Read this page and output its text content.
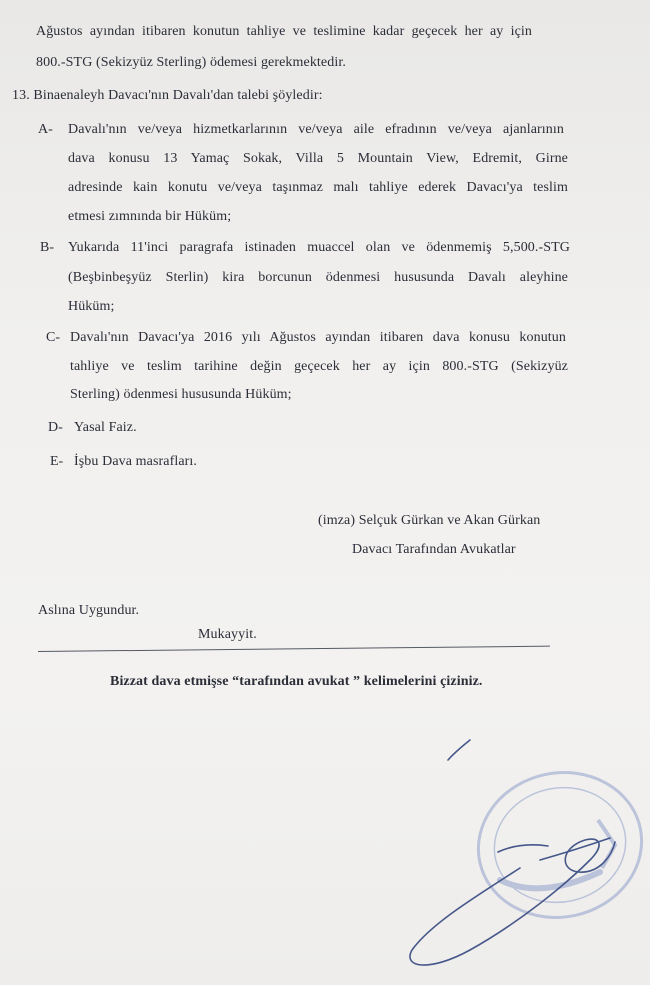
Ağustos ayından itibaren konutun tahliye ve teslimine kadar geçecek her ay için
800.-STG (Sekizyüz Sterling) ödemesi gerekmektedir.
13. Binaenaleyh Davacı'nın Davalı'dan talebi şöyledir:
A- Davalı'nın ve/veya hizmetkarlarının ve/veya aile efradının ve/veya ajanlarının
dava konusu 13 Yamaç Sokak, Villa 5 Mountain View, Edremit, Girne
adresinde kain konutu ve/veya taşınmaz malı tahliye ederek Davacı'ya teslim
etmesi zımnında bir Hüküm;
B- Yukarıda 11'inci paragrafa istinaden muaccel olan ve ödenmemiş 5,500.-STG
(Beşbinbeşyüz Sterlin) kira borcunun ödenmesi hususunda Davalı aleyhine
Hüküm;
C- Davalı'nın Davacı'ya 2016 yılı Ağustos ayından itibaren dava konusu konutun
tahliye ve teslim tarihine değin geçecek her ay için 800.-STG (Sekizyüz
Sterling) ödenmesi hususunda Hüküm;
D- Yasal Faiz.
E- İşbu Dava masrafları.
(imza) Selçuk Gürkan ve Akan Gürkan
Davacı Tarafından Avukatlar
Aslına Uygundur.
Mukayyit.
Bizzat dava etmişse “tarafından avukat ” kelimelerini çiziniz.
